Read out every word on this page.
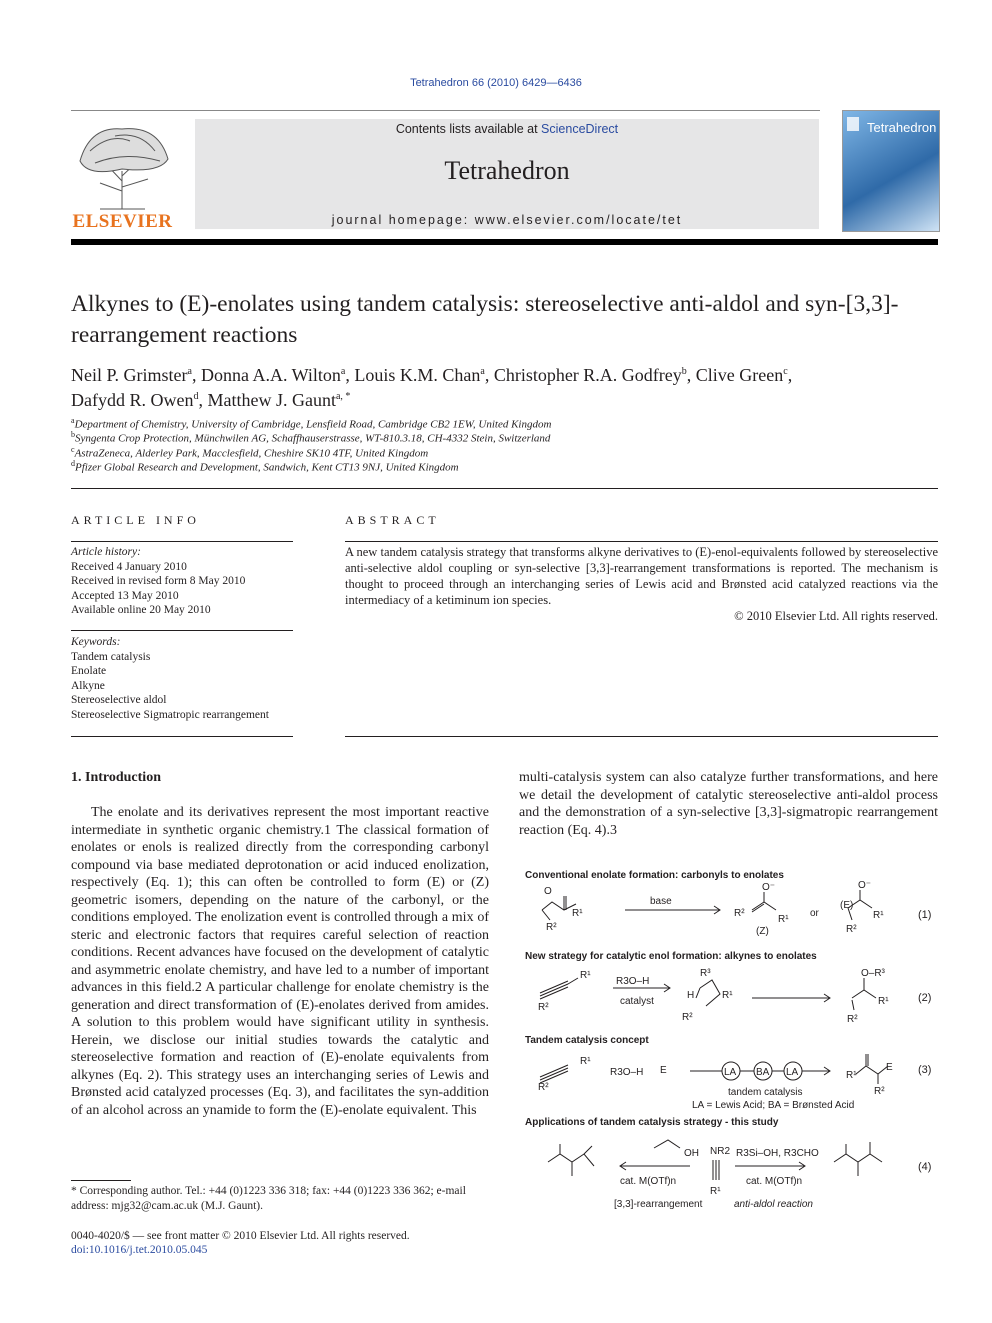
Tetrahedron 66 (2010) 6429—6436
ELSEVIER
Contents lists available at ScienceDirect
Tetrahedron
journal homepage: www.elsevier.com/locate/tet
Tetrahedron
Alkynes to (E)-enolates using tandem catalysis: stereoselective anti-aldol and syn-[3,3]-rearrangement reactions
Neil P. Grimster$^a$, Donna A.A. Wilton$^a$, Louis K.M. Chan$^a$, Christopher R.A. Godfrey$^b$, Clive Green$^c$,
Dafydd R. Owen$^d$, Matthew J. Gaunt$^{a, *}$
$^a$Department of Chemistry, University of Cambridge, Lensfield Road, Cambridge CB2 1EW, United Kingdom
$^b$Syngenta Crop Protection, Münchwilen AG, Schaffhauserstrasse, WT-810.3.18, CH-4332 Stein, Switzerland
$^c$AstraZeneca, Alderley Park, Macclesfield, Cheshire SK10 4TF, United Kingdom
$^d$Pfizer Global Research and Development, Sandwich, Kent CT13 9NJ, United Kingdom
ARTICLE INFO
Article history:
Received 4 January 2010
Received in revised form 8 May 2010
Accepted 13 May 2010
Available online 20 May 2010
Keywords:
Tandem catalysis
Enolate
Alkyne
Stereoselective aldol
Stereoselective Sigmatropic rearrangement
ABSTRACT
A new tandem catalysis strategy that transforms alkyne derivatives to (E)-enol-equivalents followed by stereoselective anti-selective aldol coupling or syn-selective [3,3]-rearrangement transformations is reported. The mechanism is thought to proceed through an interchanging series of Lewis acid and Brønsted acid catalyzed reactions via the intermediacy of a ketiminum ion species.
© 2010 Elsevier Ltd. All rights reserved.
1. Introduction

The enolate and its derivatives represent the most important reactive intermediate in synthetic organic chemistry.1 The classical formation of enolates or enols is realized directly from the corresponding carbonyl compound via base mediated deprotonation or acid induced enolization, respectively (Eq. 1); this can often be controlled to form (E) or (Z) geometric isomers, depending on the nature of the carbonyl, or the conditions employed. The enolization event is controlled through a mix of steric and electronic factors that requires careful selection of reaction conditions. Recent advances have focused on the development of catalytic and asymmetric enolate chemistry, and have led to a number of important advances in this field.2 A particular challenge for enolate chemistry is the generation and direct transformation of (E)-enolates derived from amides. A solution to this problem would have significant utility in synthesis. Herein, we disclose our initial studies towards the catalytic and stereoselective formation and reaction of (E)-enolate equivalents from alkynes (Eq. 2). This strategy uses an interchanging series of Lewis and Brønsted acid catalyzed processes (Eq. 3), and facilitates the syn-addition of an alcohol across an ynamide to form the (E)-enolate equivalent. This

multi-catalysis system can also catalyze further transformations, and here we detail the development of catalytic stereoselective anti-aldol process and the demonstration of a syn-selective [3,3]-sigmatropic rearrangement reaction (Eq. 4).3

Conventional enolate formation: carbonyls to enolates
New strategy for catalytic enol formation: alkynes to enolates
Tandem catalysis concept
Applications of tandem catalysis strategy - this study
(1)
(2)
(3)
(4)
O
R¹
R²
base
O⁻
R²
R¹
(Z)
or
(E)
O⁻
R¹
R²
R¹
R²
R3O–H
catalyst
R³
H	R¹
R²
O–R³
R¹
R²
R¹
R²
R3O–H E	LA BA LA
tandem catalysis
LA = Lewis Acid; BA = Brønsted Acid
E
R¹
R²
OH
cat. M(OTf)n
[3,3]-rearrangement
NR2
R¹
R3Si–OH, R3CHO
cat. M(OTf)n
anti-aldol reaction
* Corresponding author. Tel.: +44 (0)1223 336 318; fax: +44 (0)1223 336 362; e-mail address: mjg32@cam.ac.uk (M.J. Gaunt).
0040-4020/$ — see front matter © 2010 Elsevier Ltd. All rights reserved.
doi:10.1016/j.tet.2010.05.045
